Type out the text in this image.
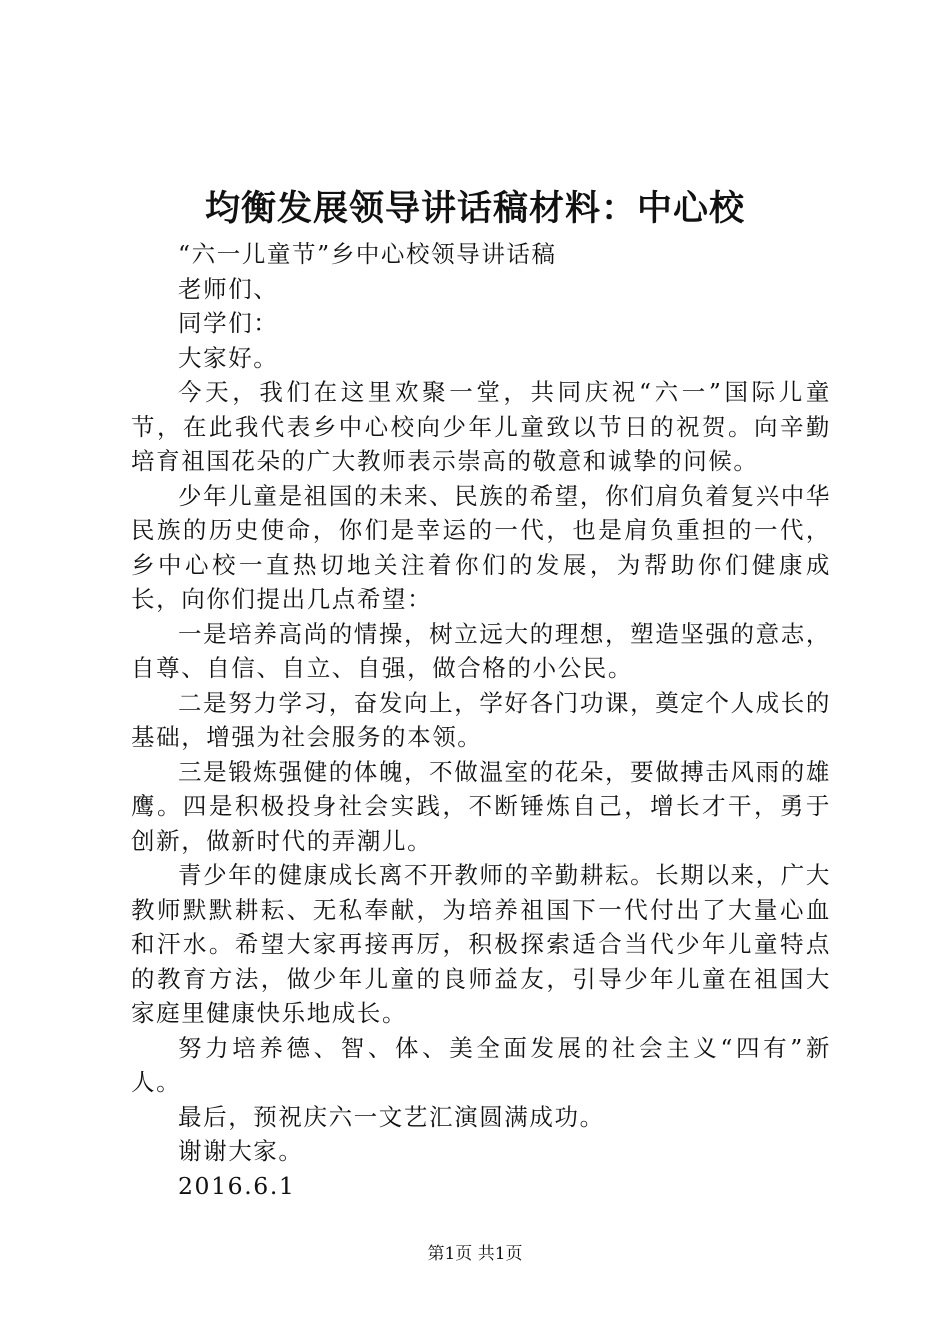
均衡发展领导讲话稿材料：中心校

“六一儿童节”乡中心校领导讲话稿

老师们、

同学们：

大家好。

今天，我们在这里欢聚一堂，共同庆祝“六一”国际儿童节，在此我代表乡中心校向少年儿童致以节日的祝贺。向辛勤培育祖国花朵的广大教师表示崇高的敬意和诚挚的问候。

少年儿童是祖国的未来、民族的希望，你们肩负着复兴中华民族的历史使命，你们是幸运的一代，也是肩负重担的一代，乡中心校一直热切地关注着你们的发展，为帮助你们健康成长，向你们提出几点希望：

一是培养高尚的情操，树立远大的理想，塑造坚强的意志，自尊、自信、自立、自强，做合格的小公民。

二是努力学习，奋发向上，学好各门功课，奠定个人成长的基础，增强为社会服务的本领。

三是锻炼强健的体魄，不做温室的花朵，要做搏击风雨的雄鹰。四是积极投身社会实践，不断锤炼自己，增长才干，勇于创新，做新时代的弄潮儿。

青少年的健康成长离不开教师的辛勤耕耘。长期以来，广大教师默默耕耘、无私奉献，为培养祖国下一代付出了大量心血和汗水。希望大家再接再厉，积极探索适合当代少年儿童特点的教育方法，做少年儿童的良师益友，引导少年儿童在祖国大家庭里健康快乐地成长。

努力培养德、智、体、美全面发展的社会主义“四有”新人。

最后，预祝庆六一文艺汇演圆满成功。

谢谢大家。

2016.6.1

第1页 共1页
